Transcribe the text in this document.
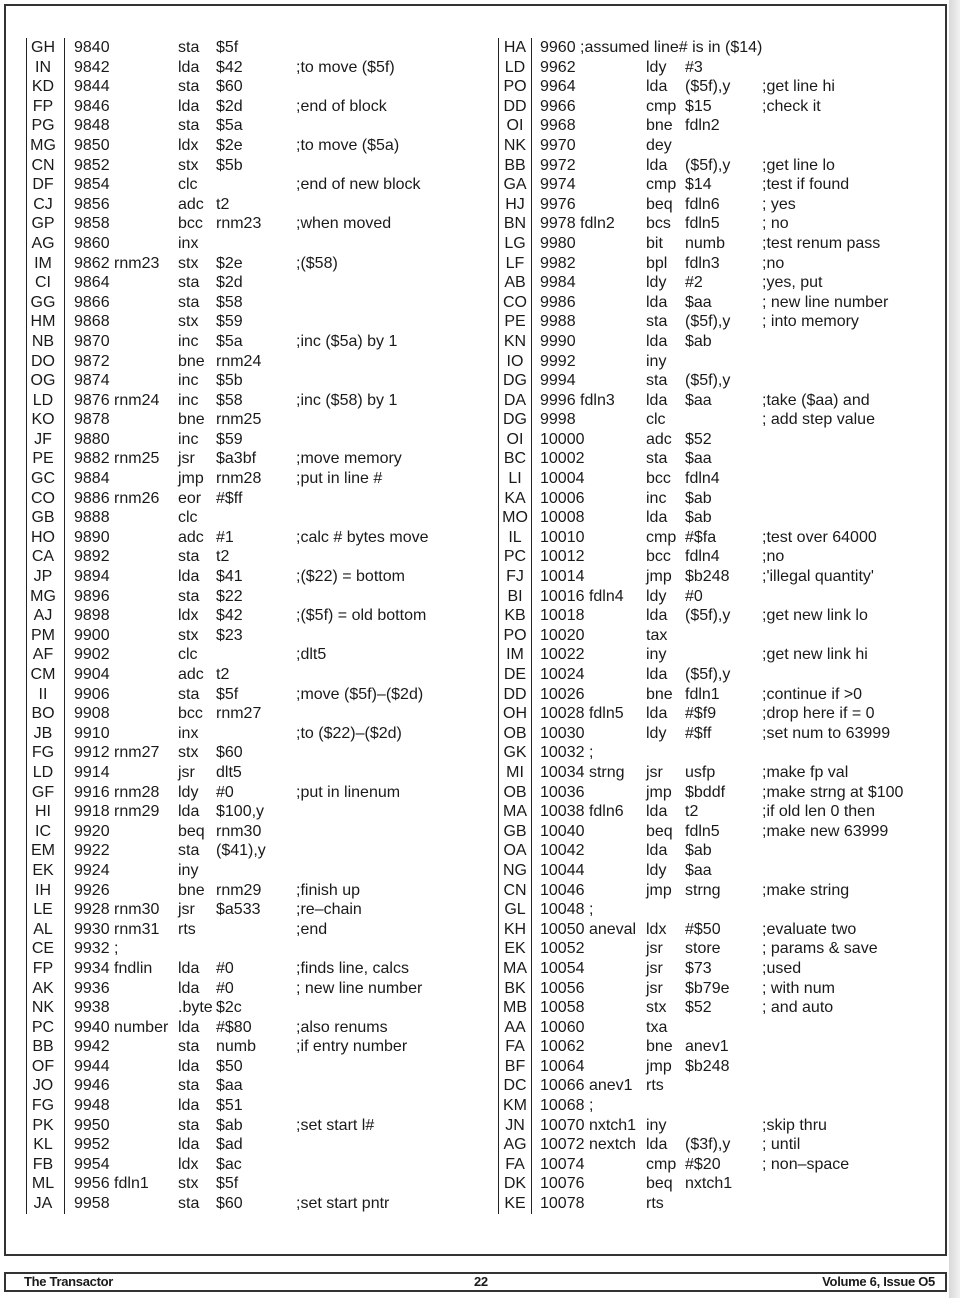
GH	9840	sta $5f
IN	9842	lda $42	;to move ($5f)
KD	9844	sta $60
FP	9846	lda $2d	;end of block
PG	9848	sta $5a
MG 9850	ldx $2e	;to move ($5a)
CN	9852	stx $5b
DF	9854	clc	;end of new block
CJ	9856	adc t2
GP	9858	bcc rnm23 ;when moved
AG	9860	inx
IM	9862 rnm23 stx $2e	;($58)
CI	9864	sta $2d
GG 9866	sta $58
HM 9868	stx $59
NB	9870	inc $5a	;inc ($5a) by 1
DO	9872	bne rnm24
OG 9874	inc $5b
LD	9876 rnm24 inc $58	;inc ($58) by 1
KO	9878	bne rnm25
JF	9880	inc $59
PE	9882 rnm25 jsr $a3bf ;move memory
GC	9884	jmp rnm28 ;put in line #
CO	9886 rnm26 eor #$ff
GB	9888	clc
HO	9890	adc #1	;calc # bytes move
CA	9892	sta t2
JP	9894	lda $41	;($22) = bottom
MG 9896	sta $22
AJ	9898	ldx $42	;($5f) = old bottom
PM	9900	stx $23
AF	9902	clc	;dlt5
CM 9904	adc t2
II	9906	sta $5f	;move ($5f)–($2d)
BO	9908	bcc rnm27
JB	9910	inx	;to ($22)–($2d)
FG	9912 rnm27 stx $60
LD	9914	jsr dlt5
GF	9916 rnm28 ldy #0	;put in linenum
HI	9918 rnm29 lda $100,y
IC	9920	beq rnm30
EM	9922	sta ($41),y
EK	9924	iny
IH	9926	bne rnm29 ;finish up
LE	9928 rnm30 jsr $a533 ;re–chain
AL	9930 rnm31 rts	;end
CE	9932 ;
FP	9934 fndlin lda #0	;finds line, calcs
AK	9936	lda #0	; new line number
NK	9938	.byte $2c
PC	9940 number lda #$80	;also renums
BB	9942	sta numb ;if entry number
OF	9944	lda $50
JO	9946	sta $aa
FG	9948	lda $51
PK	9950	sta $ab	;set start l#
KL	9952	lda $ad
FB	9954	ldx $ac
ML	9956 fdln1 stx $5f
JA	9958	sta $60	;set start pntr
HA 9960 ;assumed line# is in ($14)
LD 9962	ldy #3
PO 9964	lda ($5f),y ;get line hi
DD 9966	cmp $15	;check it
OI	9968	bne fdln2
NK 9970	dey
BB 9972	lda ($5f),y ;get line lo
GA 9974	cmp $14	;test if found
HJ 9976	beq fdln6	; yes
BN 9978 fdln2 bcs fdln5	; no
LG 9980	bit numb ;test renum pass
LF 9982	bpl fdln3	;no
AB 9984	ldy #2	;yes, put
CO 9986	lda $aa	; new line number
PE 9988	sta ($5f),y ; into memory
KN 9990	lda $ab
IO	9992	iny
DG 9994	sta ($5f),y
DA 9996 fdln3 lda $aa	;take ($aa) and
DG 9998	clc	; add step value
OI	10000	adc $52
BC 10002	sta $aa
LI	10004	bcc fdln4
KA 10006	inc $ab
MO 10008	lda $ab
IL	10010	cmp #$fa	;test over 64000
PC 10012	bcc fdln4	;no
FJ	10014	jmp $b248 ;'illegal quantity'
BI	10016 fdln4 ldy #0
KB 10018	lda ($5f),y ;get new link lo
PO 10020	tax
IM	10022	iny	;get new link hi
DE 10024	lda ($5f),y
DD 10026	bne fdln1	;continue if >0
OH 10028 fdln5 lda #$f9	;drop here if = 0
OB 10030	ldy #$ff	;set num to 63999
GK 10032 ;
MI	10034 strng jsr usfp	;make fp val
OB 10036	jmp $bddf ;make strng at $100
MA 10038 fdln6 lda t2	;if old len 0 then
GB 10040	beq fdln5	;make new 63999
OA 10042	lda $ab
NG 10044	ldy $aa
CN 10046	jmp strng	;make string
GL 10048 ;
KH 10050 aneval ldx #$50	;evaluate two
EK 10052	jsr store	; params & save
MA 10054	jsr $73	;used
BK 10056	jsr $b79e ; with num
MB 10058	stx $52	; and auto
AA 10060	txa
FA 10062	bne anev1
BF 10064	jmp $b248
DC 10066 anev1 rts
KM 10068 ;
JN 10070 nxtch1 iny	;skip thru
AG 10072 nextch lda ($3f),y ; until
FA 10074	cmp #$20	; non–space
DK 10076	beq nxtch1
KE 10078	rts
The Transactor	22	Volume 6, Issue O5
